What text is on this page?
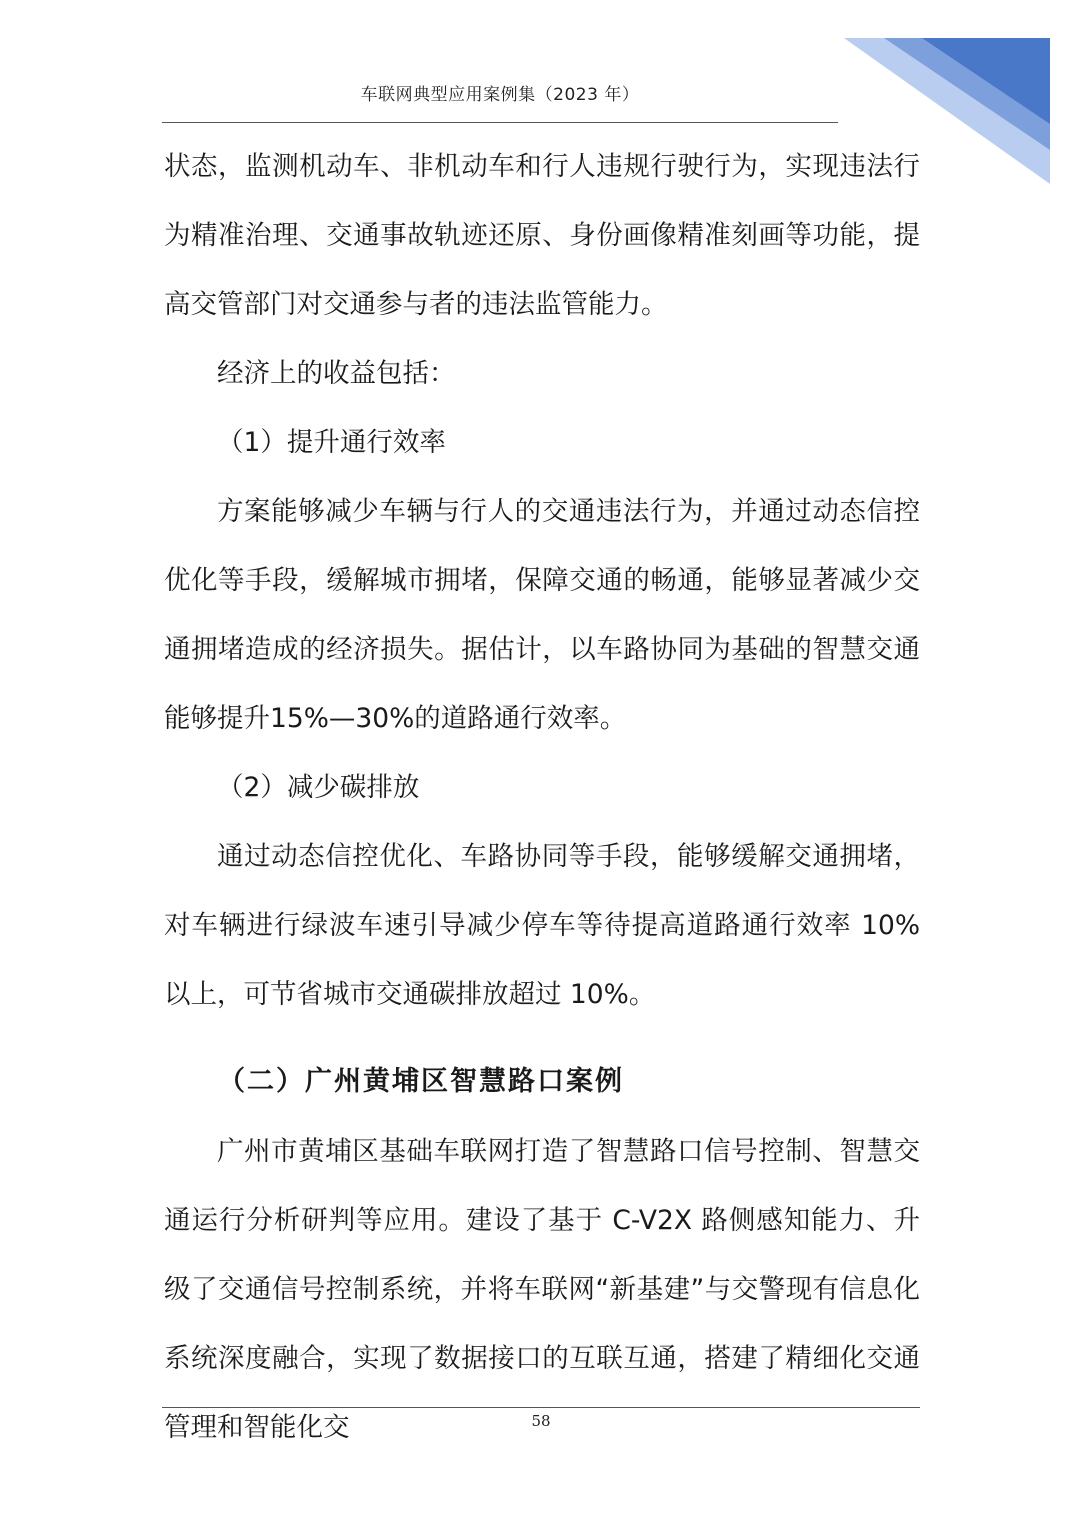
车联网典型应用案例集（2023 年）

状态，监测机动车、非机动车和行人违规行驶行为，实现违法行为精准治理、交通事故轨迹还原、身份画像精准刻画等功能，提高交管部门对交通参与者的违法监管能力。

经济上的收益包括：

（1）提升通行效率

方案能够减少车辆与行人的交通违法行为，并通过动态信控优化等手段，缓解城市拥堵，保障交通的畅通，能够显著减少交通拥堵造成的经济损失。据估计，以车路协同为基础的智慧交通能够提升15%—30%的道路通行效率。

（2）减少碳排放

通过动态信控优化、车路协同等手段，能够缓解交通拥堵，对车辆进行绿波车速引导减少停车等待提高道路通行效率 10%以上，可节省城市交通碳排放超过 10%。

（二）广州黄埔区智慧路口案例

广州市黄埔区基础车联网打造了智慧路口信号控制、智慧交通运行分析研判等应用。建设了基于 C-V2X 路侧感知能力、升级了交通信号控制系统，并将车联网“新基建”与交警现有信息化系统深度融合，实现了数据接口的互联互通，搭建了精细化交通管理和智能化交	58
